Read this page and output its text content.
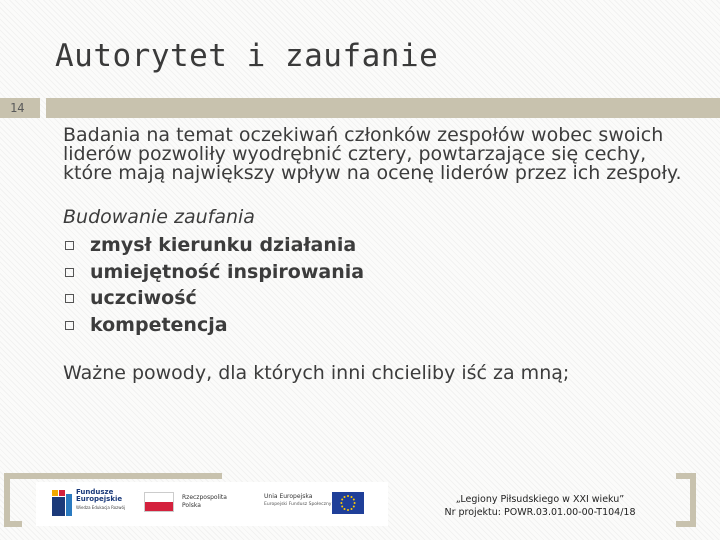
Autorytet i zaufanie
14

Badania na temat oczekiwań członków zespołów wobec swoich liderów pozwoliły wyodrębnić cztery, powtarzające się cechy, które mają największy wpływ na ocenę liderów przez ich zespoły.

Budowanie zaufania

zmysł kierunku działania
umiejętność inspirowania
uczciwość
kompetencja

Ważne powody, dla których inni chcieliby iść za mną;

Fundusze
Europejskie
Wiedza Edukacja Rozwój
Rzeczpospolita
Polska
Unia Europejska
Europejski Fundusz Społeczny	„Legiony Piłsudskiego w XXI wieku”
Nr projektu: POWR.03.01.00-00-T104/18
